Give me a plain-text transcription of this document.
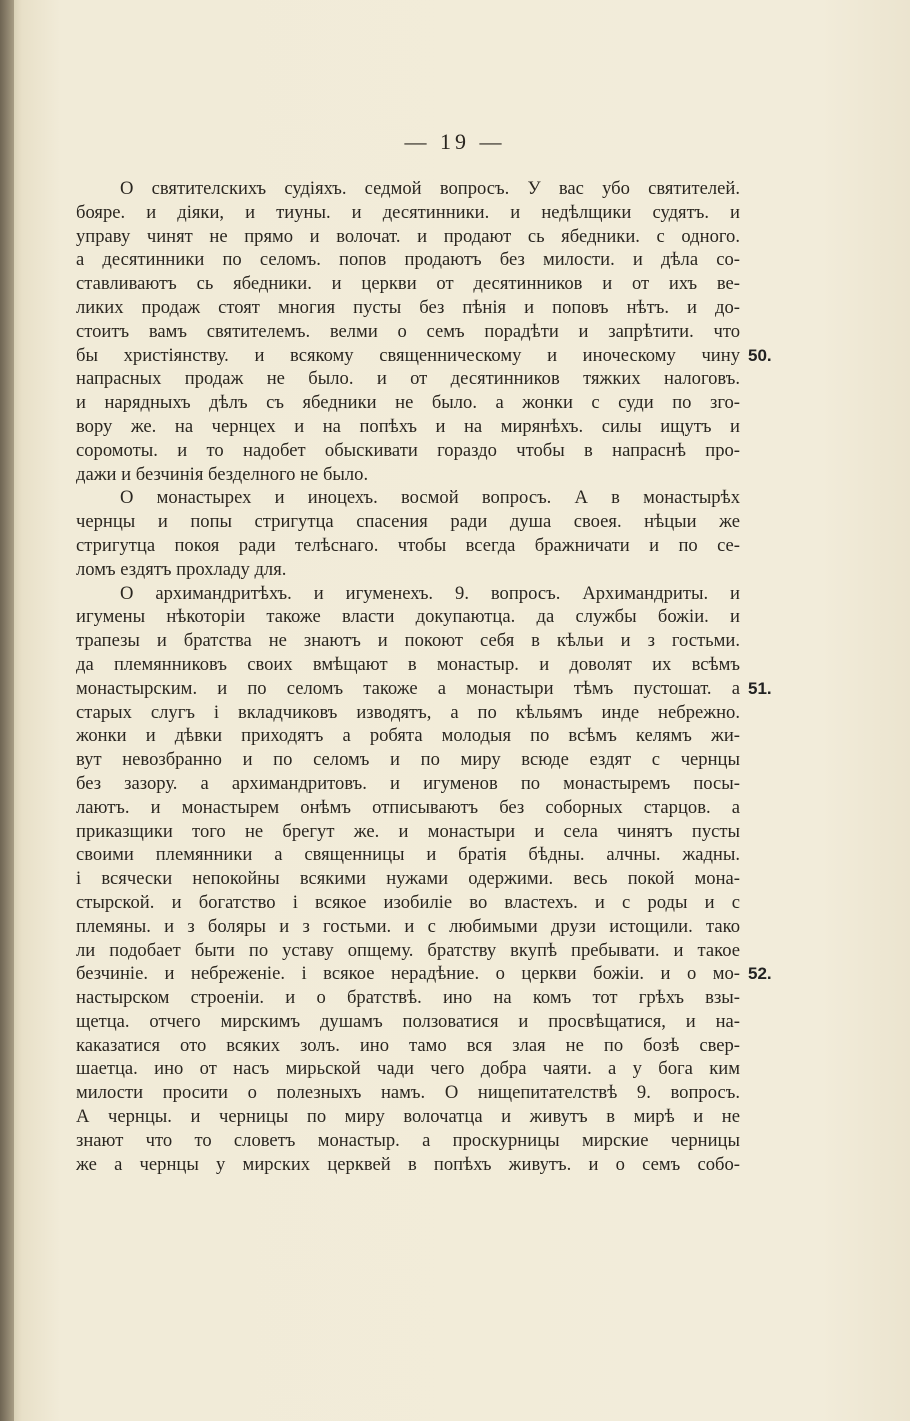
— 19 —
О святителскихъ судіяхъ. седмой вопросъ. У вас убо святителей.
бояре. и діяки, и тиуны. и десятинники. и недѣлщики судятъ. и
управу чинят не прямо и волочат. и продают сь ябедники. с одного.
а десятинники по селомъ. попов продаютъ без милости. и дѣла со-
ставливаютъ сь ябедники. и церкви от десятинников и от ихъ ве-
ликих продаж стоят многия пусты без пѣнія и поповъ нѣтъ. и до-
стоитъ вамъ святителемъ. велми о семъ порадѣти и запрѣтити. что
бы христіянству. и всякому священническому и иноческому чину
напрасных продаж не было. и от десятинников тяжких налоговъ.
и нарядныхъ дѣлъ съ ябедники не было. а жонки с суди по зго-
вору же. на чернцех и на попѣхъ и на мирянѣхъ. силы ищутъ и
соромоты. и то надобет обыскивати гораздо чтобы в напраснѣ про-
дажи и безчинія безделного не было.
О монастырех и иноцехъ. восмой вопросъ. А в монастырѣх
чернцы и попы стригутца спасения ради душа своея. нѣцыи же
стригутца покоя ради телѣснаго. чтобы всегда бражничати и по се-
ломъ ездятъ прохладу для.
О архимандритѣхъ. и игуменехъ. 9. вопросъ. Архимандриты. и
игумены нѣкоторіи такоже власти докупаютца. да службы божіи. и
трапезы и братства не знаютъ и покоют себя в кѣльи и з гостьми.
да племянниковъ своих вмѣщают в монастыр. и доволят их всѣмъ
монастырским. и по селомъ такоже а монастыри тѣмъ пустошат. а
старых слугъ і вкладчиковъ изводятъ, а по кѣльямъ инде небрежно.
жонки и дѣвки приходятъ а робята молодыя по всѣмъ келямъ жи-
вут невозбранно и по селомъ и по миру всюде ездят с чернцы
без зазору. а архимандритовъ. и игуменов по монастыремъ посы-
лаютъ. и монастырем онѣмъ отписываютъ без соборных старцов. а
приказщики того не брегут же. и монастыри и села чинятъ пусты
своими племянники а священницы и братія бѣдны. алчны. жадны.
і всячески непокойны всякими нужами одержими. весь покой мона-
стырской. и богатство і всякое изобиліе во властехъ. и с роды и с
племяны. и з боляры и з гостьми. и с любимыми друзи истощили. тако
ли подобает быти по уставу опщему. братству вкупѣ пребывати. и такое
безчиніе. и небреженіе. і всякое нерадѣние. о церкви божіи. и о мо-
настырском строеніи. и о братствѣ. ино на комъ тот грѣхъ взы-
щетца. отчего мирскимъ душамъ ползоватися и просвѣщатися, и на-
каказатися ото всяких золъ. ино тамо вся злая не по бозѣ свер-
шаетца. ино от насъ мирьской чади чего добра чаяти. а у бога ким
милости просити о полезныхъ намъ. О нищепитателствѣ 9. вопросъ.
А чернцы. и черницы по миру волочатца и живутъ в мирѣ и не
знают что то словетъ монастыр. а проскурницы мирские черницы
же а чернцы у мирских церквей в попѣхъ живутъ. и о семъ собо-
50.
51.
52.
